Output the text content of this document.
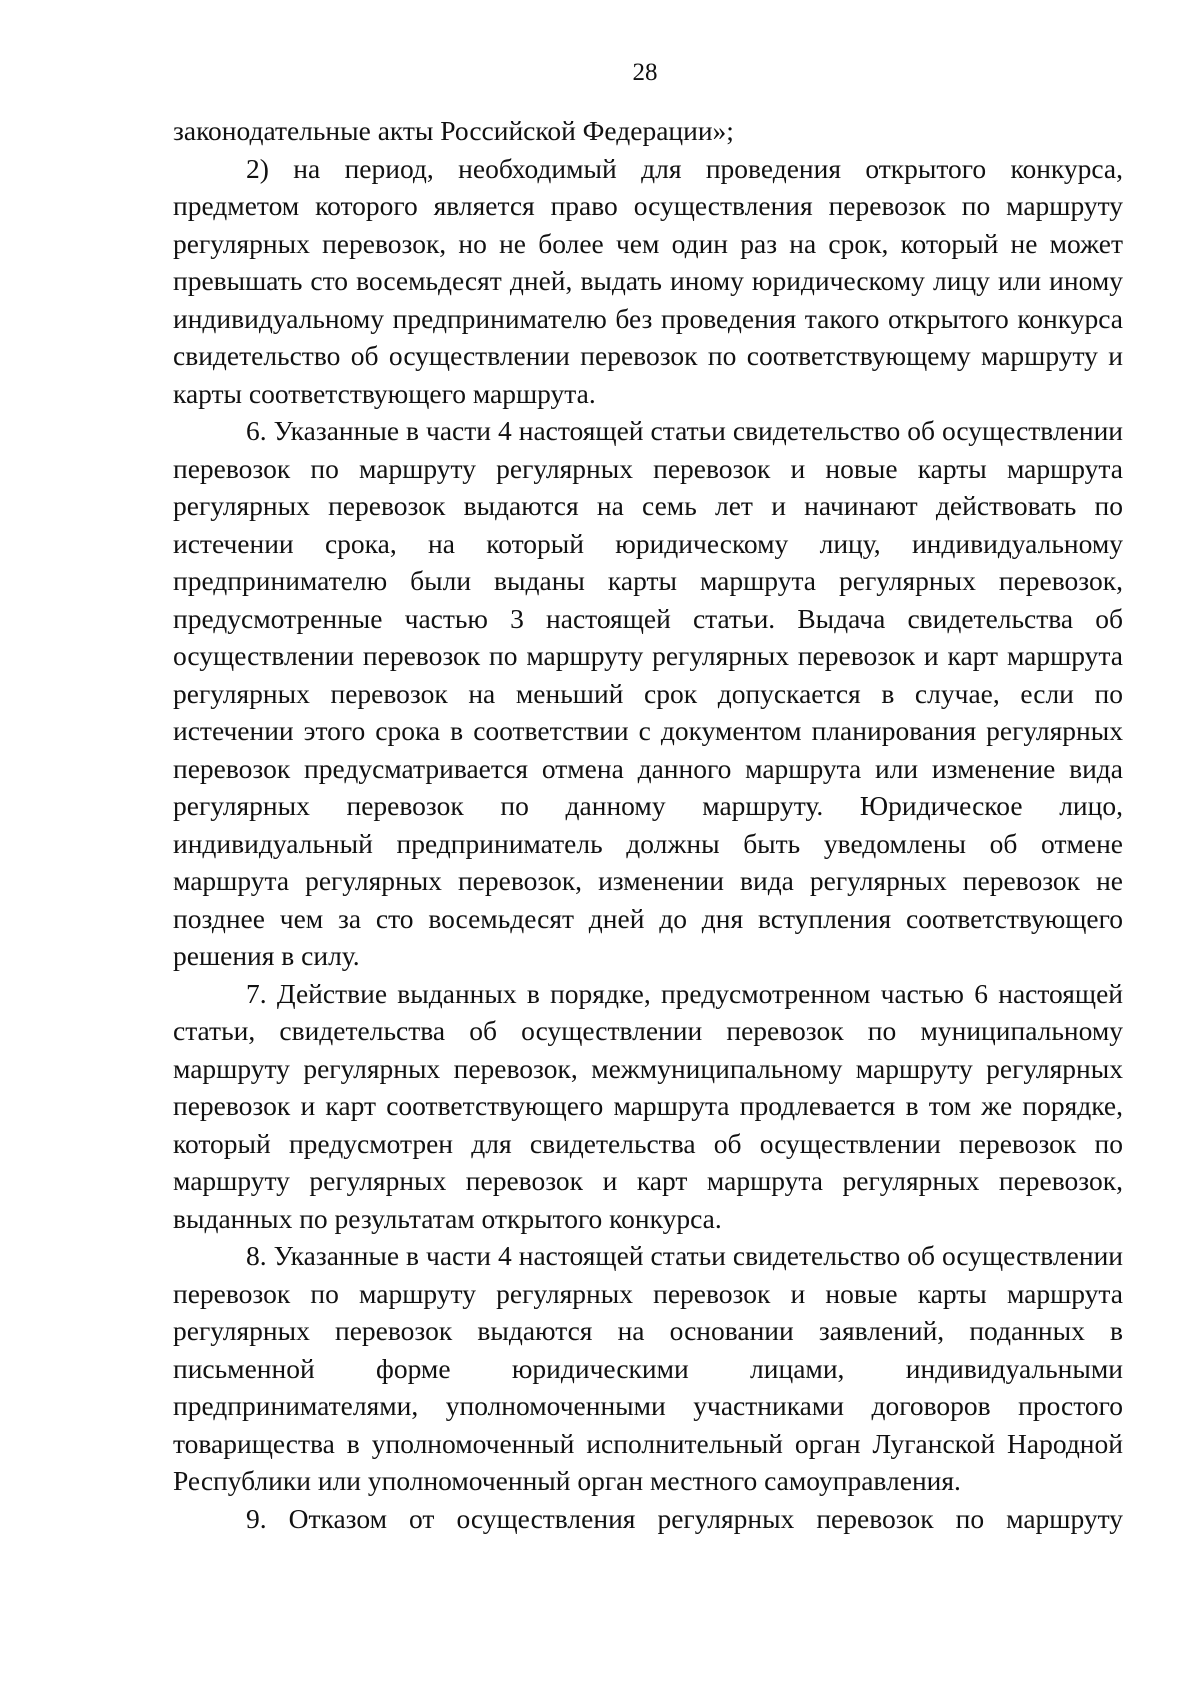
28

законодательные акты Российской Федерации»;

2) на период, необходимый для проведения открытого конкурса, предметом которого является право осуществления перевозок по маршруту регулярных перевозок, но не более чем один раз на срок, который не может превышать сто восемьдесят дней, выдать иному юридическому лицу или иному индивидуальному предпринимателю без проведения такого открытого конкурса свидетельство об осуществлении перевозок по соответствующему маршруту и карты соответствующего маршрута.

6. Указанные в части 4 настоящей статьи свидетельство об осуществлении перевозок по маршруту регулярных перевозок и новые карты маршрута регулярных перевозок выдаются на семь лет и начинают действовать по истечении срока, на который юридическому лицу, индивидуальному предпринимателю были выданы карты маршрута регулярных перевозок, предусмотренные частью 3 настоящей статьи. Выдача свидетельства об осуществлении перевозок по маршруту регулярных перевозок и карт маршрута регулярных перевозок на меньший срок допускается в случае, если по истечении этого срока в соответствии с документом планирования регулярных перевозок предусматривается отмена данного маршрута или изменение вида регулярных перевозок по данному маршруту. Юридическое лицо, индивидуальный предприниматель должны быть уведомлены об отмене маршрута регулярных перевозок, изменении вида регулярных перевозок не позднее чем за сто восемьдесят дней до дня вступления соответствующего решения в силу.

7. Действие выданных в порядке, предусмотренном частью 6 настоящей статьи, свидетельства об осуществлении перевозок по муниципальному маршруту регулярных перевозок, межмуниципальному маршруту регулярных перевозок и карт соответствующего маршрута продлевается в том же порядке, который предусмотрен для свидетельства об осуществлении перевозок по маршруту регулярных перевозок и карт маршрута регулярных перевозок, выданных по результатам открытого конкурса.

8. Указанные в части 4 настоящей статьи свидетельство об осуществлении перевозок по маршруту регулярных перевозок и новые карты маршрута регулярных перевозок выдаются на основании заявлений, поданных в письменной форме юридическими лицами, индивидуальными предпринимателями, уполномоченными участниками договоров простого товарищества в уполномоченный исполнительный орган Луганской Народной Республики или уполномоченный орган местного самоуправления.

9. Отказом от осуществления регулярных перевозок по маршруту
